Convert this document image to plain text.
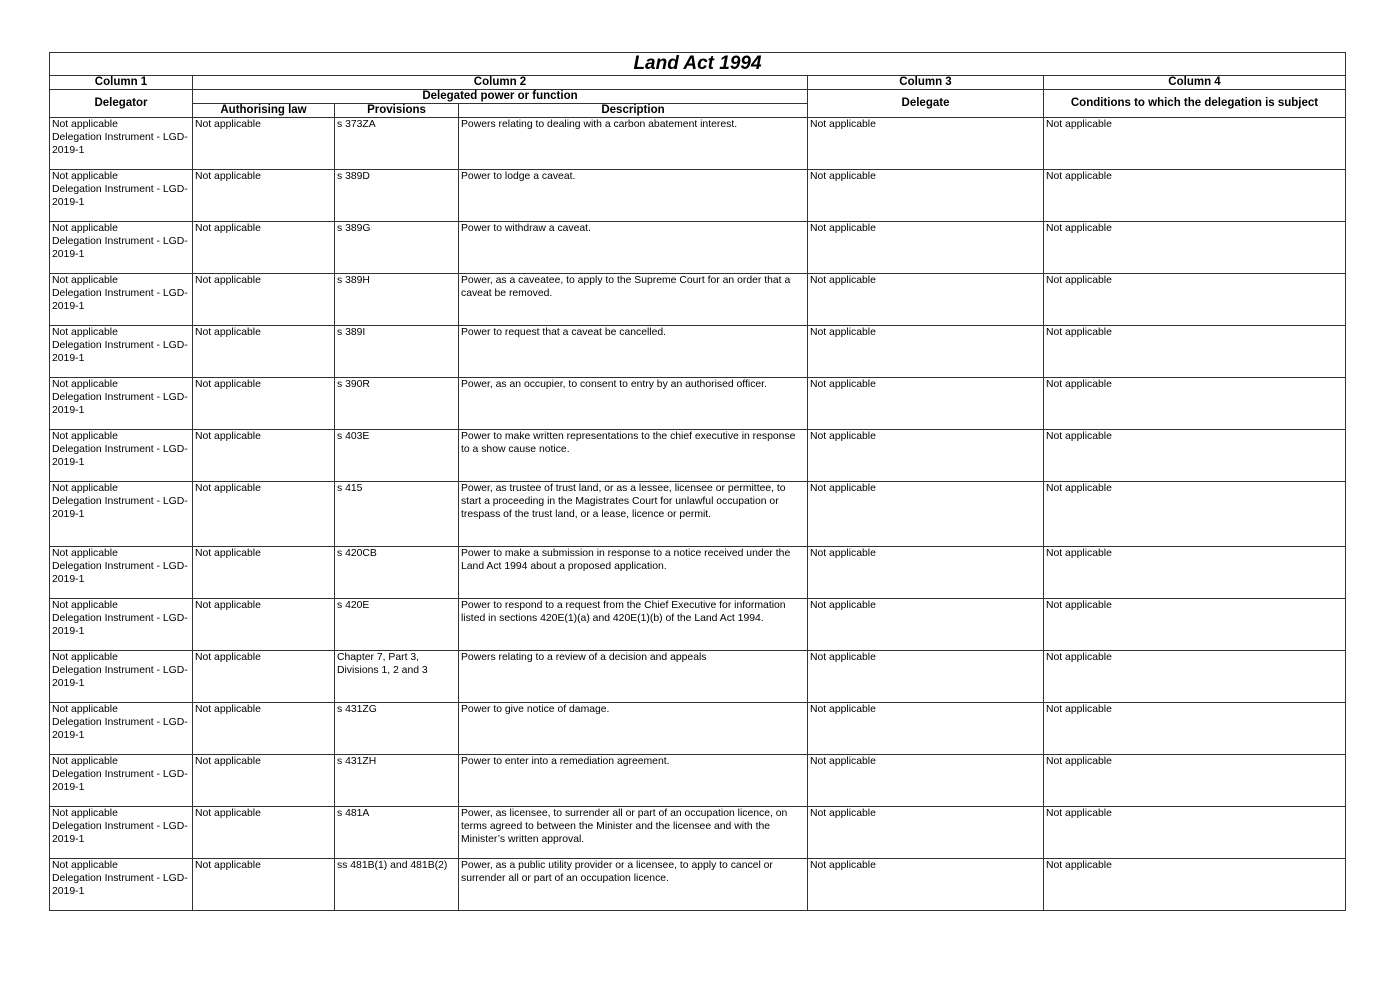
Land Act 1994					
Column 1	Column 2			Column 3	Column 4
Delegator	Delegated power or function			Delegate	Conditions to which the delegation is subject
	Authorising law	Provisions	Description		

Not applicable
Delegation Instrument - LGD-2019-1	Not applicable	s 373ZA	Powers relating to dealing with a carbon abatement interest.	Not applicable	Not applicable

Not applicable
Delegation Instrument - LGD-2019-1	Not applicable	s 389D	Power to lodge a caveat.	Not applicable	Not applicable

Not applicable
Delegation Instrument - LGD-2019-1	Not applicable	s 389G	Power to withdraw a caveat.	Not applicable	Not applicable

Not applicable
Delegation Instrument - LGD-2019-1	Not applicable	s 389H	Power, as a caveatee, to apply to the Supreme Court for an order that a caveat be removed.	Not applicable	Not applicable

Not applicable
Delegation Instrument - LGD-2019-1	Not applicable	s 389I	Power to request that a caveat be cancelled.	Not applicable	Not applicable

Not applicable
Delegation Instrument - LGD-2019-1	Not applicable	s 390R	Power, as an occupier, to consent to entry by an authorised officer.	Not applicable	Not applicable

Not applicable
Delegation Instrument - LGD-2019-1	Not applicable	s 403E	Power to make written representations to the chief executive in response to a show cause notice.	Not applicable	Not applicable

Not applicable
Delegation Instrument - LGD-2019-1	Not applicable	s 415	Power, as trustee of trust land, or as a lessee, licensee or permittee, to start a proceeding in the Magistrates Court for unlawful occupation or trespass of the trust land, or a lease, licence or permit.	Not applicable	Not applicable

Not applicable
Delegation Instrument - LGD-2019-1	Not applicable	s 420CB	Power to make a submission in response to a notice received under the Land Act 1994 about a proposed application.	Not applicable	Not applicable

Not applicable
Delegation Instrument - LGD-2019-1	Not applicable	s 420E	Power to respond to a request from the Chief Executive for information listed in sections 420E(1)(a) and 420E(1)(b) of the Land Act 1994.	Not applicable	Not applicable

Not applicable
Delegation Instrument - LGD-2019-1	Not applicable	Chapter 7, Part 3, Divisions 1, 2 and 3	Powers relating to a review of a decision and appeals	Not applicable	Not applicable

Not applicable
Delegation Instrument - LGD-2019-1	Not applicable	s 431ZG	Power to give notice of damage.	Not applicable	Not applicable

Not applicable
Delegation Instrument - LGD-2019-1	Not applicable	s 431ZH	Power to enter into a remediation agreement.	Not applicable	Not applicable

Not applicable
Delegation Instrument - LGD-2019-1	Not applicable	s 481A	Power, as licensee, to surrender all or part of an occupation licence, on terms agreed to between the Minister and the licensee and with the Minister’s written approval.	Not applicable	Not applicable

Not applicable
Delegation Instrument - LGD-2019-1	Not applicable	ss 481B(1) and 481B(2)	Power, as a public utility provider or a licensee, to apply to cancel or surrender all or part of an occupation licence.	Not applicable	Not applicable
